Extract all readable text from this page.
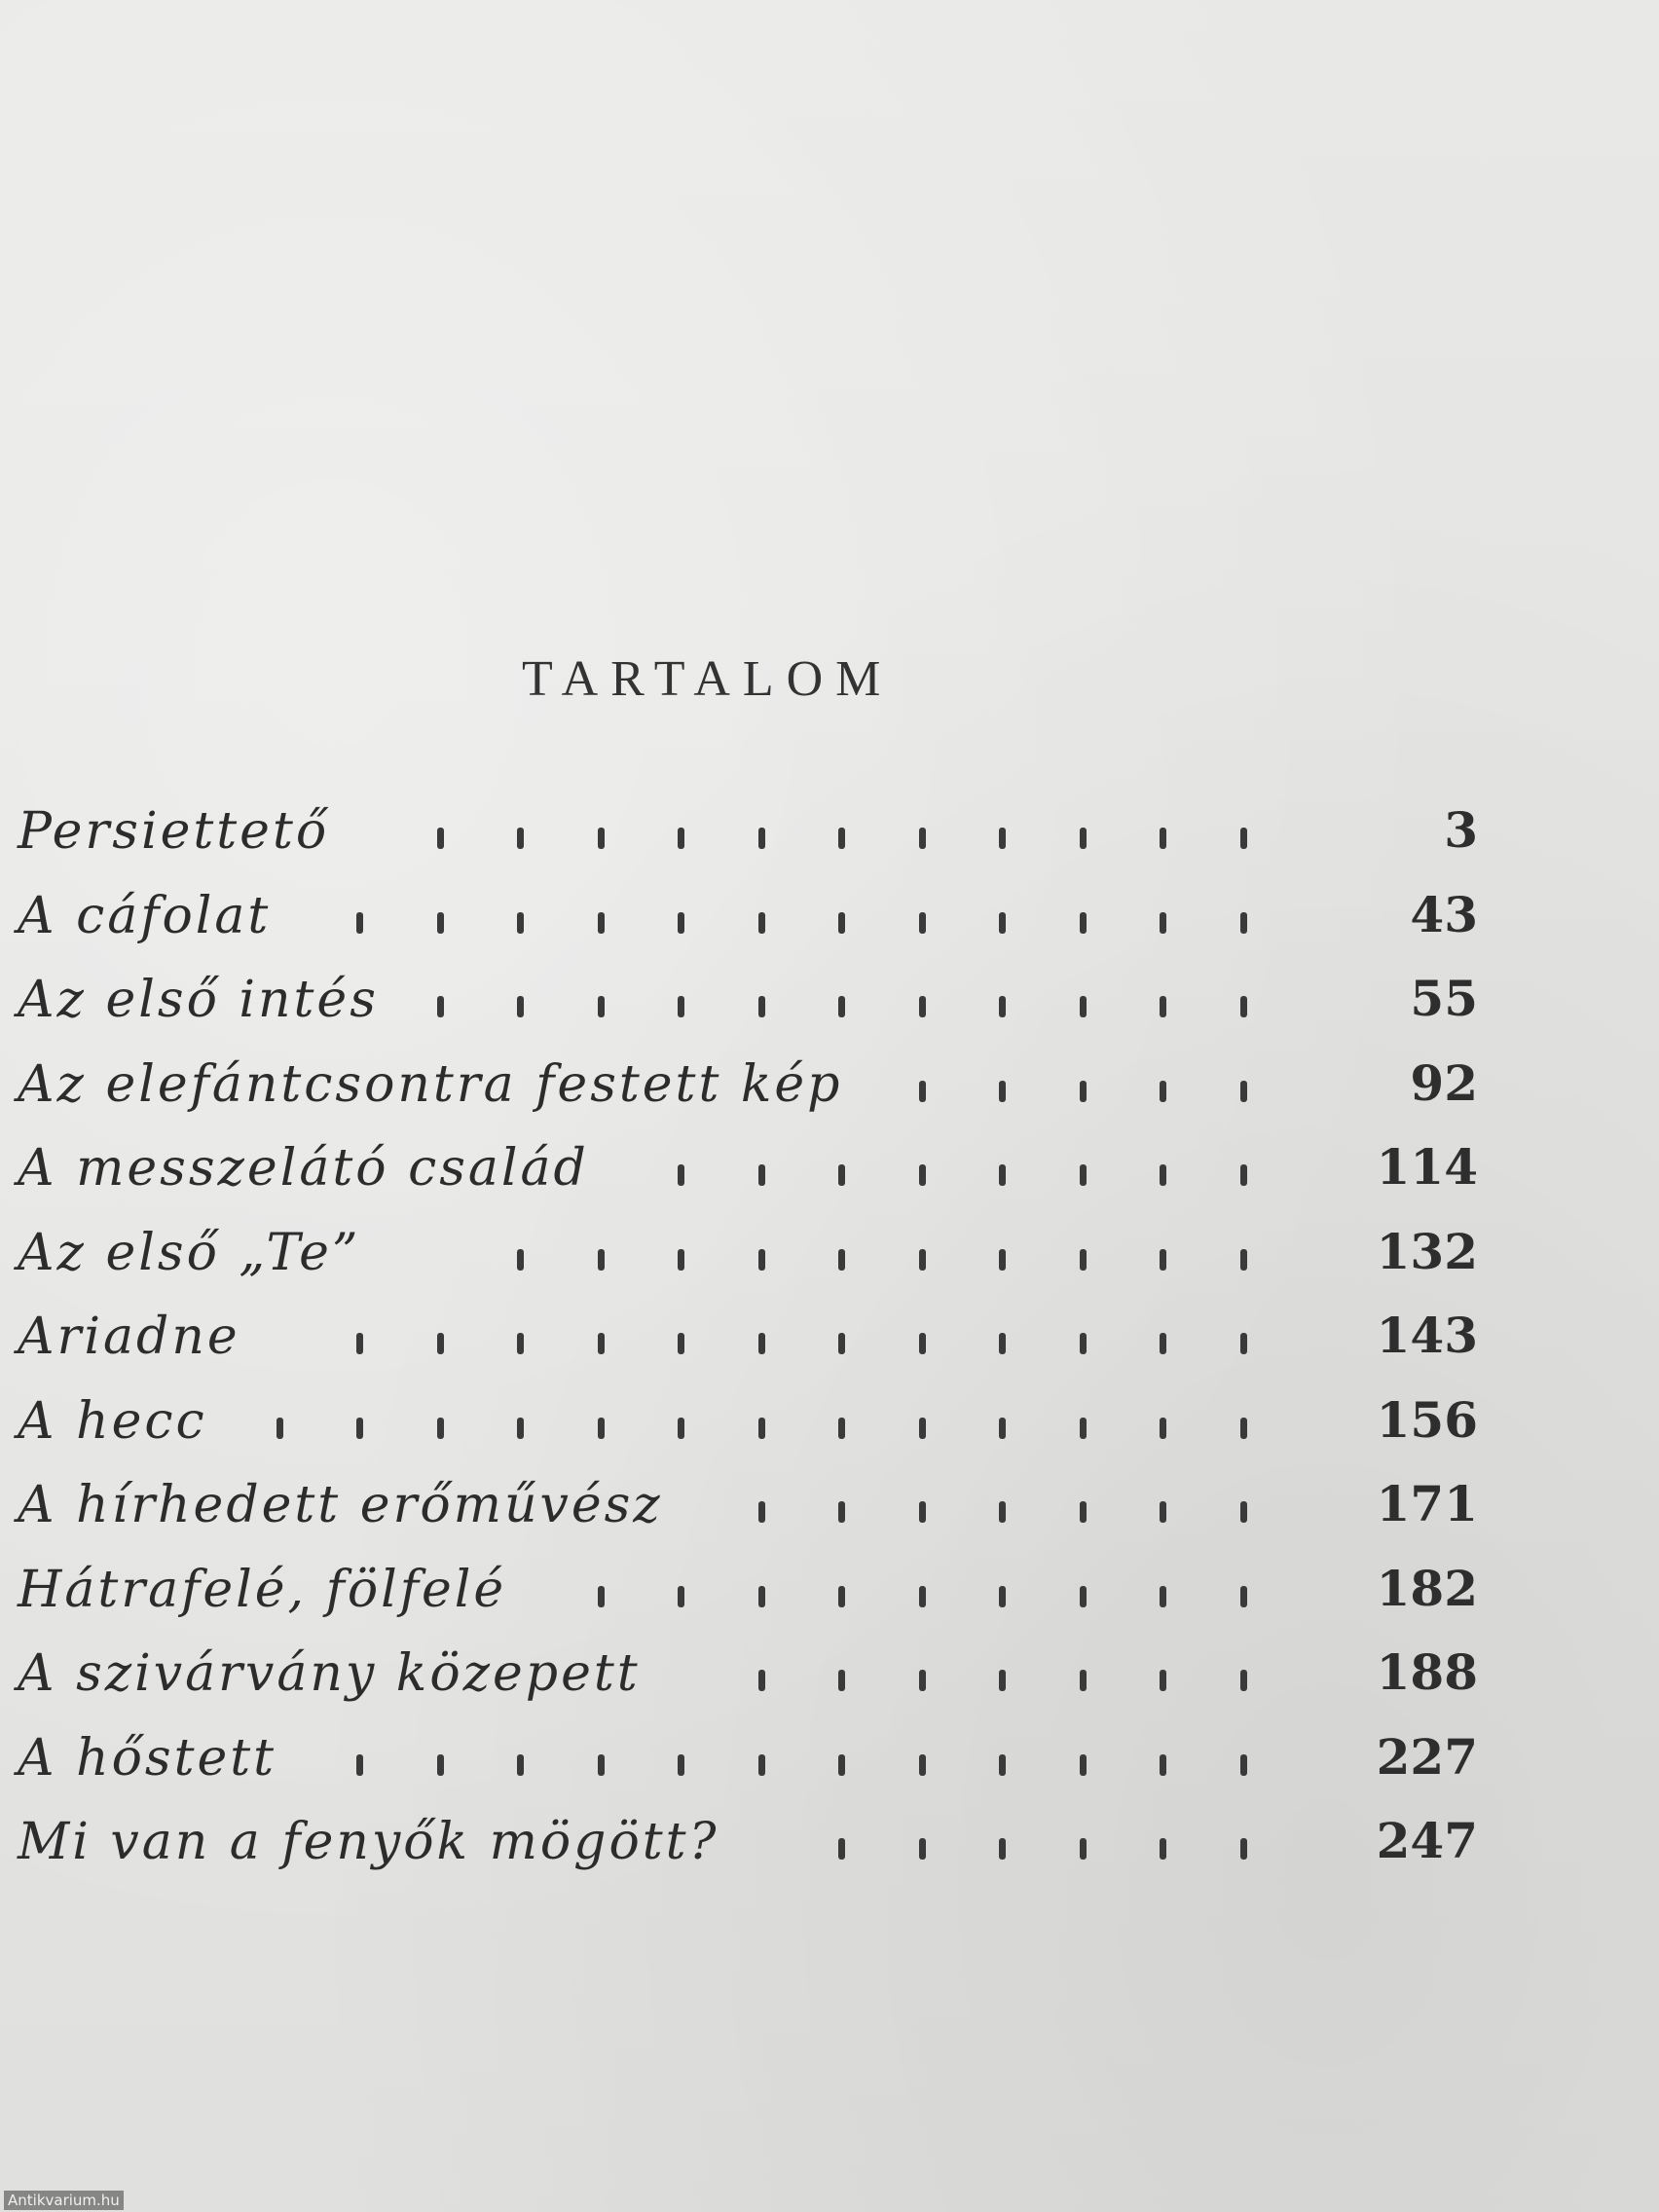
TARTALOM
Persiettető	3
A cáfolat	43
Az első intés	55
Az elefántcsontra festett kép	92
A messzelátó család	114
Az első „Te”	132
Ariadne	143
A hecc	156
A hírhedett erőművész	171
Hátrafelé, fölfelé	182
A szivárvány közepett	188
A hőstett	227
Mi van a fenyők mögött?	247
Antikvarium.hu
